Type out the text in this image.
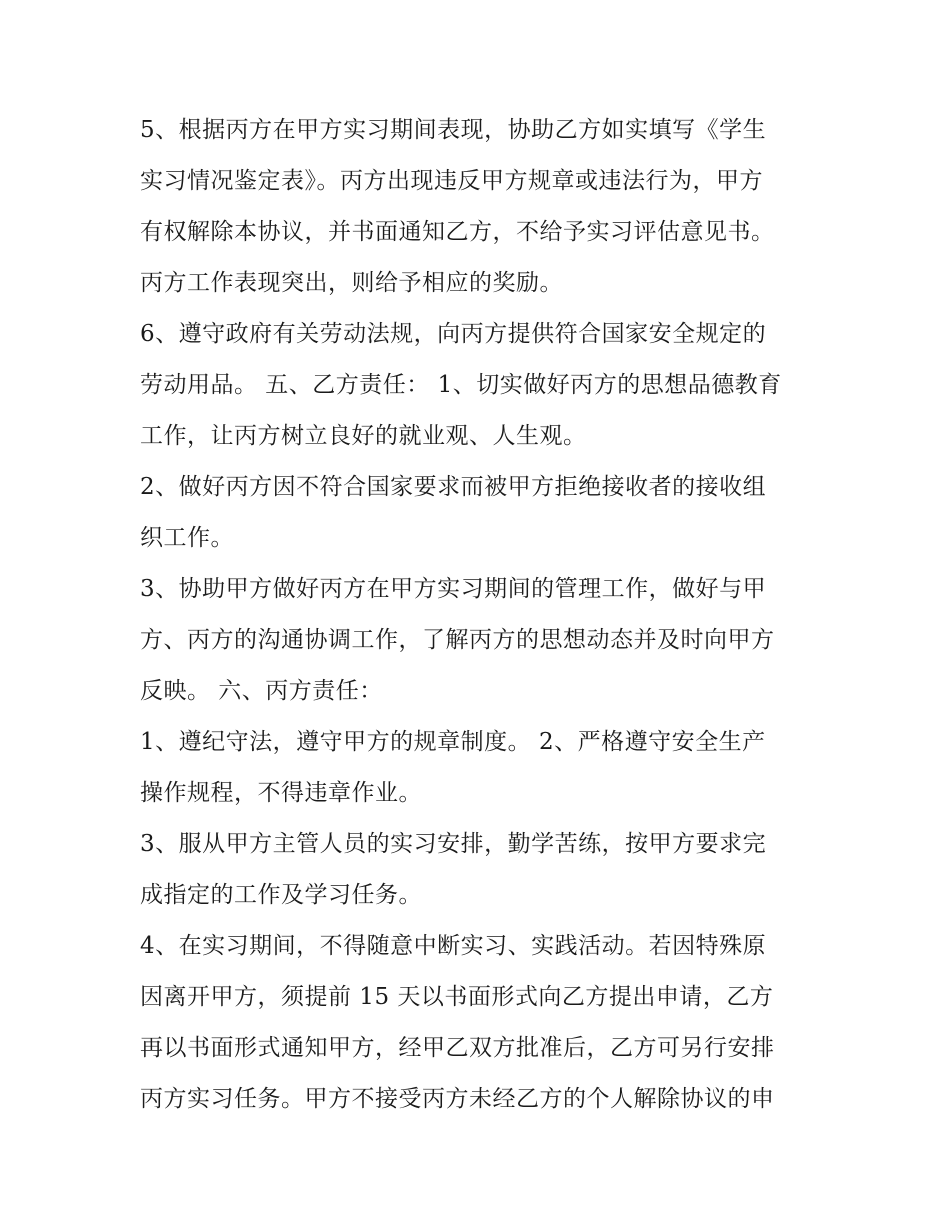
5、根据丙方在甲方实习期间表现，协助乙方如实填写《学生
实习情况鉴定表》。丙方出现违反甲方规章或违法行为，甲方
有权解除本协议，并书面通知乙方，不给予实习评估意见书。
丙方工作表现突出，则给予相应的奖励。
6、遵守政府有关劳动法规，向丙方提供符合国家安全规定的
劳动用品。 五、乙方责任： 1、切实做好丙方的思想品德教育
工作，让丙方树立良好的就业观、人生观。
2、做好丙方因不符合国家要求而被甲方拒绝接收者的接收组
织工作。
3、协助甲方做好丙方在甲方实习期间的管理工作，做好与甲
方、丙方的沟通协调工作，了解丙方的思想动态并及时向甲方
反映。 六、丙方责任：
1、遵纪守法，遵守甲方的规章制度。 2、严格遵守安全生产
操作规程，不得违章作业。
3、服从甲方主管人员的实习安排，勤学苦练，按甲方要求完
成指定的工作及学习任务。
4、在实习期间，不得随意中断实习、实践活动。若因特殊原
因离开甲方，须提前 15 天以书面形式向乙方提出申请，乙方
再以书面形式通知甲方，经甲乙双方批准后，乙方可另行安排
丙方实习任务。甲方不接受丙方未经乙方的个人解除协议的申
